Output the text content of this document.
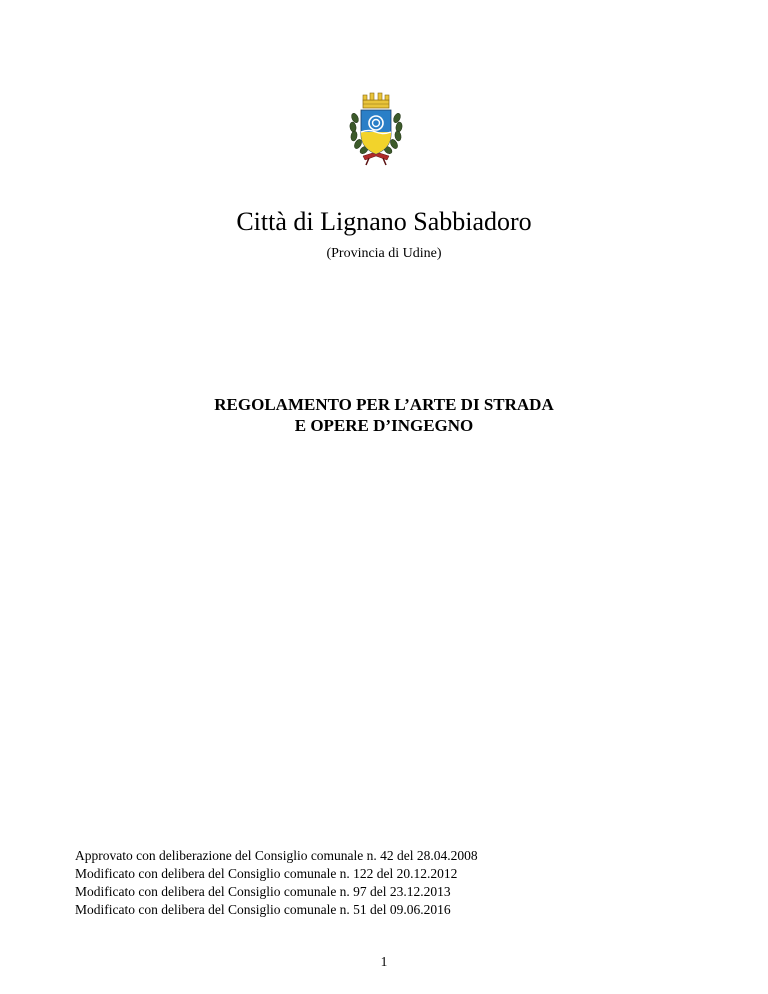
Città di Lignano Sabbiadoro
(Provincia di Udine)
REGOLAMENTO PER L’ARTE DI STRADA
E OPERE D’INGEGNO
Approvato con deliberazione del Consiglio comunale n. 42 del 28.04.2008
Modificato con delibera del Consiglio comunale n. 122 del 20.12.2012
Modificato con delibera del Consiglio comunale n. 97 del 23.12.2013
Modificato con delibera del Consiglio comunale n. 51 del 09.06.2016
1
